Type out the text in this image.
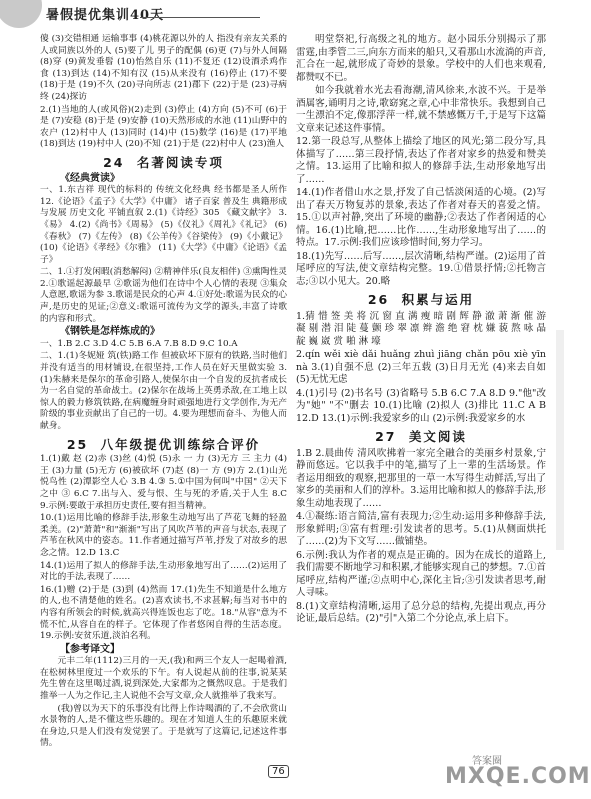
暑假提优集训40天

傻 (3)交错相通 运输事事 (4)桃花源以外的人 指没有亲友关系的人或同族以外的人 (5)要了儿 男子的配偶 (6)更 (7)与外人间隔 (8)穿 (9)黄发垂髫 (10)怡然自乐 (11)不复还 (12)设酒杀鸡作食 (13)到达 (14)不知有汉 (15)从来没有 (16)停止 (17)不要 (18)于是 (19)不久 (20)寻向所志 (21)郡下 (22)于是 (23)寻病终 (24)探访

2.(1)当地的人(或风俗)(2)走到 (3)停止 (4)方向 (5)不可 (6)于是 (7)安稳 (8)于是 (9)安静 (10)天然形成的水池 (11)山野中的农户 (12)村中人 (13)同时 (14)中 (15)数学 (16)是 (17)平地 (18)到达 (19)村中人 (20)不知 (21)于是 (22)村中人 (23)渔人

24 名著阅读专项

《经典赏读》

一、1.东吉祥 现代的标料的 传统文化经典 经书都是圣人所作 12.《论语》《孟子》《大学》《中庸》 诸子百家 普及生 典籍形成与发展 历史文化 平铺直叙 2.(1)《诗经》305 《藏文献字》 3.《易》 4.(2)《尚书》《周易》 (5)《仪礼》《周礼》《礼记》 (6)《春秋》 (7)《左传》 (8)《公羊传》《谷梁传》 (9)《小戴记》 (10)《论语》《孝经》《尔雅》 (11)《大学》《中庸》《论语》《孟子》

二、1.①打发闲暇(消愁解闷) ②精神伴乐(良友相伴) ③熏陶性灵 2.①歌谣起源最早 ②歌谣为他们在诗中个人心情的表现 ③集众人意愿,歌谣为参 3.歌谣是民众的心声 4.①好处:歌谣为民众的心声,是历史的见证;②意义:歌谣可流传为文学的源头,丰富了诗歌的内容和形式。

《钢铁是怎样炼成的》

一、1.B 2.C 3.D 4.C 5.B 6.A 7.B 8.D 9.C 10.A

二、1.(1)冬妮娅 筑(铁)路工作 但被砍坏下原有的铁路,当时他们并没有适当的用材铺设,在很坚持,工作人员在好天里做实验 3.(1)朱赫来是保尔的革命引路人,使保尔由一个自发的反抗者成长为一名自觉的革命战士。(2)保尔在战场上英勇杀敌,在工地上以惊人的毅力修筑铁路,在病魔缠身时顽强地进行文学创作,为无产阶级的事业贡献出了自己的一切。4.要为理想而奋斗、为他人而献身。

25 八年级提优训练综合评价

1.(1)戴 赵 (2)赤 (3)丝 (4)悦 (5)永 一 力 (3)无方 三 主力 (4)王 (3)力量 (5)无方 (6)被砍坏 (7)赵 (8)一 方 (9)方 2.(1)山光悦鸟性 (2)潭影空人心 3.B 4.③ 5.①中国为何叫"中国" ②天下之中 ③ 6.C 7.出与入、爱与恨、生与死的矛盾,关于人生 8.C 9.示例:要敢于承担历史责任,要有担当精神。

10.(1)运用比喻的修辞手法,形象生动地写出了芦花飞舞的轻盈柔美。(2)"萧萧"和"渐渐"写出了风吹芦苇的声音与状态,表现了芦苇在秋风中的姿态。11.作者通过描写芦苇,抒发了对故乡的思念之情。12.D 13.C

14.(1)运用了拟人的修辞手法,生动形象地写出了……(2)运用了对比的手法,表现了……

16.(1)赠 (2)于是 (3)到 (4)然而 17.(1)先生不知道是什么地方的人,也不清楚他的姓名。(2)喜欢读书,不求甚解;每当对书中的内容有所领会的时候,就高兴得连饭也忘了吃。18."从容"意为不慌不忙,从容自在的样子。它体现了作者悠闲自得的生活态度。19.示例:安贫乐道,淡泊名利。

【参考译文】

元丰二年(1112)三月的一天,(我)和两三个友人一起喝着酒,在松树林里度过一个欢乐的下午。有人说起从前的往事,说某某先生曾在这里喝过酒,说到深处,大家都为之慨然叹息。于是我们推举一人为之作记,主人说他不会写文章,众人就推举了我来写。

(我)曾以为天下的乐事没有比得上作诗喝酒的了,不会欣赏山水景物的人,是不懂这些乐趣的。现在才知道人生的乐趣原来就在身边,只是人们没有发觉罢了。于是就写了这篇记,记述这件事情。

明堂祭祀,行高级之礼的地方。赵小园乐分别揭示了那雷霆,由季管二三,向东方而来的船只,又看那山水流淌的声音,汇合在一起,就形成了奇妙的景象。学校中的人们也来观看,都赞叹不已。

如今我就着水光去看海潮,清风徐来,水波不兴。于是举酒属客,诵明月之诗,歌窈窕之章,心中非常快乐。我想到自己一生漂泊不定,像那浮萍一样,就不禁感慨万千,于是写下这篇文章来记述这件事情。

12.第一段总写,从整体上描绘了地区的风光;第二段分写,具体描写了……第三段抒情,表达了作者对家乡的热爱和赞美之情。13.运用了比喻和拟人的修辞手法,生动形象地写出了……

14.(1)作者借山水之景,抒发了自己恬淡闲适的心境。(2)写出了春天万物复苏的景象,表达了作者对春天的喜爱之情。15.①以声衬静,突出了环境的幽静;②表达了作者闲适的心情。16.(1)比喻,把……比作……,生动形象地写出了……的特点。17.示例:我们应该珍惜时间,努力学习。

18.(1)先写……后写……,层次清晰,结构严谨。(2)运用了首尾呼应的写法,使文章结构完整。19.①借景抒情;②托物言志;③以小见大。20.略

26 积累与运用

1.猜 惜 签 美 将 沉 窗 直 满 瘦 暗 剧 辉 静 澈 萧 渐 催 游 凝 剔 潜 泪 陡 蔓 颤 珍 翠 凛 辫 澹 绝 窘 枕 嫌 藐 熬 咏 晶 靛 巍 崴 赏 啪 淋 壕

2.qín wěi xiè dǎi huǎng zhuì jiāng chǎn pōu xiè yīn nà 3.(1)自强不息 (2)三年五载 (3)日月无光 (4)来去自如 (5)无忧无虑

4.(1)引号 (2)书名号 (3)省略号 5.B 6.C 7.A 8.D 9."他"改为"她" "不"删去 10.(1)比喻 (2)拟人 (3)排比 11.C A B 12.D 13.(1)示例:我爱家乡的山 (2)示例:我爱家乡的水

27 美文阅读

1.B 2.晨曲传 清风吹拂着一家完全融合的美丽乡村景象,宁静而悠远。它以我手中的笔,描写了上一辈的生活场景。作者运用细致的观察,把那里的一草一木写得生动鲜活,写出了家乡的美丽和人们的淳朴。3.运用比喻和拟人的修辞手法,形象生动地表现了……

4.①凝练:语言简洁,富有表现力;②生动:运用多种修辞手法,形象鲜明;③富有哲理:引发读者的思考。5.(1)从侧面烘托了……(2)为下文写……做铺垫。

6.示例:我认为作者的观点是正确的。因为在成长的道路上,我们需要不断地学习和积累,才能够实现自己的梦想。7.①首尾呼应,结构严谨;②点明中心,深化主旨;③引发读者思考,耐人寻味。

8.(1)文章结构清晰,运用了总分总的结构,先提出观点,再分论证,最后总结。(2)"引"入第二个分论点,承上启下。

76
答案圈
MXQE.COM
